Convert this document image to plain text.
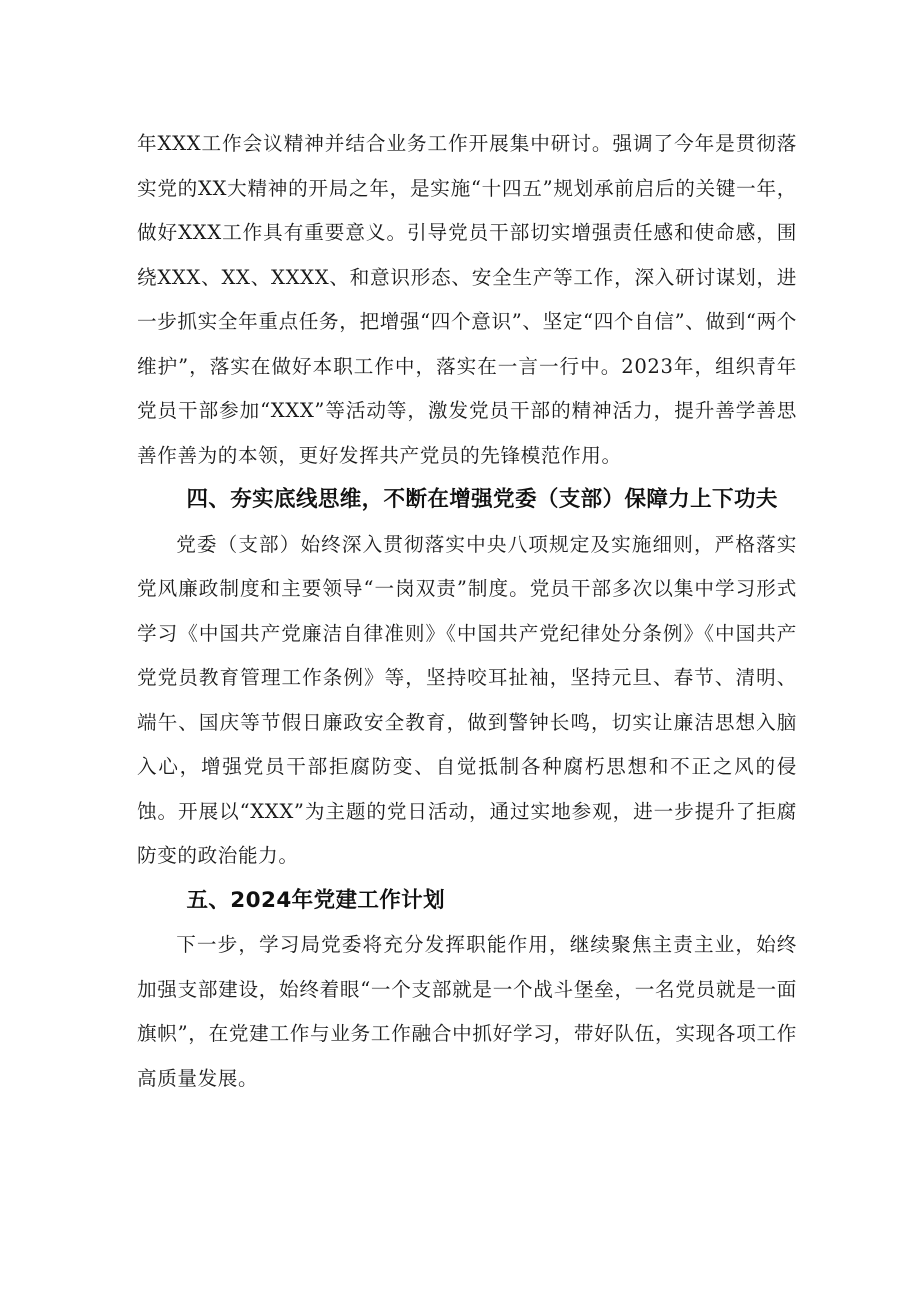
年XXX工作会议精神并结合业务工作开展集中研讨。强调了今年是贯彻落实党的XX大精神的开局之年，是实施“十四五”规划承前启后的关键一年，做好XXX工作具有重要意义。引导党员干部切实增强责任感和使命感，围绕XXX、XX、XXXX、和意识形态、安全生产等工作，深入研讨谋划，进一步抓实全年重点任务，把增强“四个意识”、坚定“四个自信”、做到“两个维护”，落实在做好本职工作中，落实在一言一行中。2023年，组织青年党员干部参加“XXX”等活动等，激发党员干部的精神活力，提升善学善思善作善为的本领，更好发挥共产党员的先锋模范作用。

四、夯实底线思维，不断在增强党委（支部）保障力上下功夫

党委（支部）始终深入贯彻落实中央八项规定及实施细则，严格落实党风廉政制度和主要领导“一岗双责”制度。党员干部多次以集中学习形式学习《中国共产党廉洁自律准则》《中国共产党纪律处分条例》《中国共产党党员教育管理工作条例》等，坚持咬耳扯袖，坚持元旦、春节、清明、端午、国庆等节假日廉政安全教育，做到警钟长鸣，切实让廉洁思想入脑入心，增强党员干部拒腐防变、自觉抵制各种腐朽思想和不正之风的侵蚀。开展以“XXX”为主题的党日活动，通过实地参观，进一步提升了拒腐防变的政治能力。

五、2024年党建工作计划

下一步，学习局党委将充分发挥职能作用，继续聚焦主责主业，始终加强支部建设，始终着眼“一个支部就是一个战斗堡垒，一名党员就是一面旗帜”，在党建工作与业务工作融合中抓好学习，带好队伍，实现各项工作高质量发展。
